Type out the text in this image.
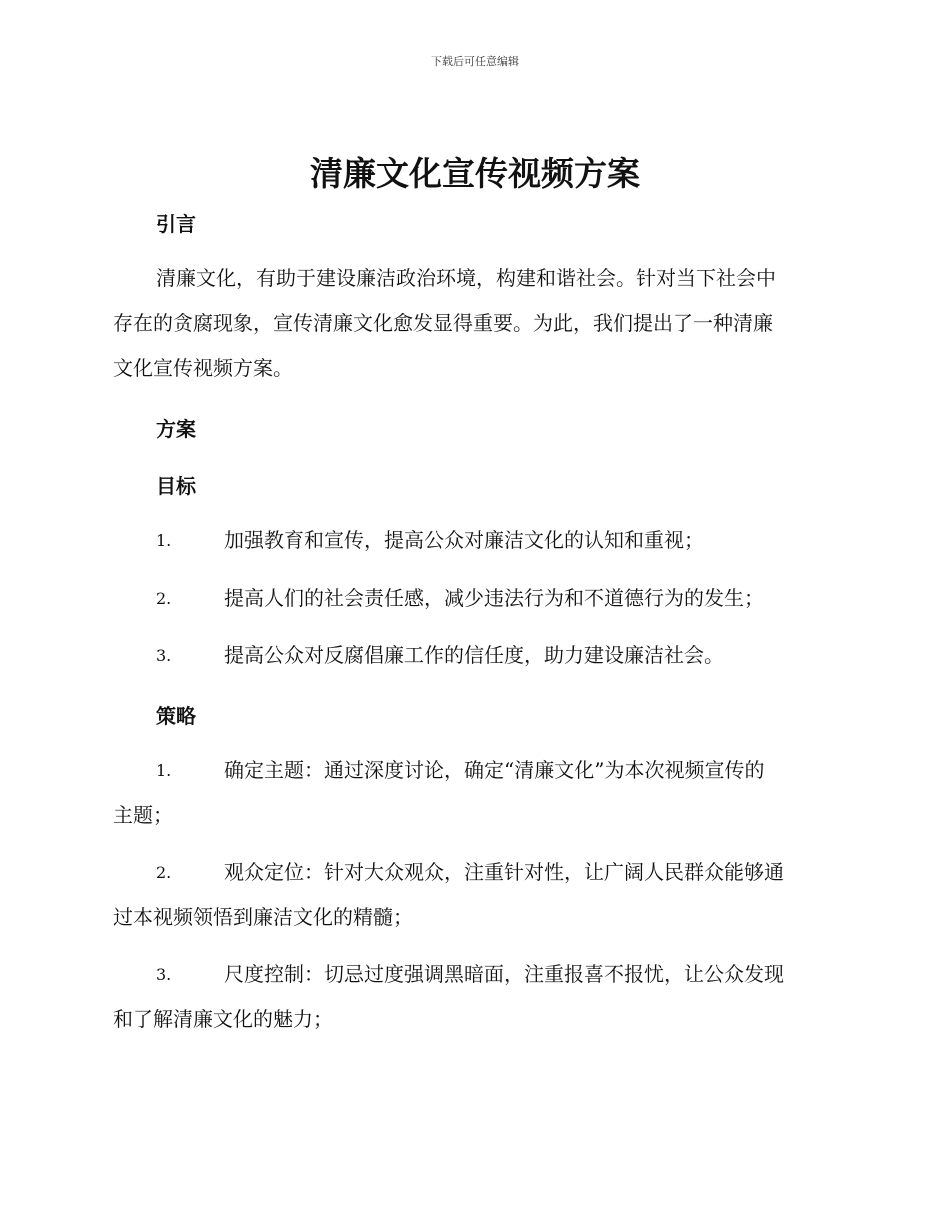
下载后可任意编辑
清廉文化宣传视频方案
引言
清廉文化，有助于建设廉洁政治环境，构建和谐社会。针对当下社会中
存在的贪腐现象，宣传清廉文化愈发显得重要。为此，我们提出了一种清廉
文化宣传视频方案。
方案
目标
1.	加强教育和宣传，提高公众对廉洁文化的认知和重视；
2.	提高人们的社会责任感，减少违法行为和不道德行为的发生；
3.	提高公众对反腐倡廉工作的信任度，助力建设廉洁社会。
策略
1.	确定主题：通过深度讨论，确定“清廉文化”为本次视频宣传的
主题；
2.	观众定位：针对大众观众，注重针对性，让广阔人民群众能够通
过本视频领悟到廉洁文化的精髓；
3.	尺度控制：切忌过度强调黑暗面，注重报喜不报忧，让公众发现
和了解清廉文化的魅力；
